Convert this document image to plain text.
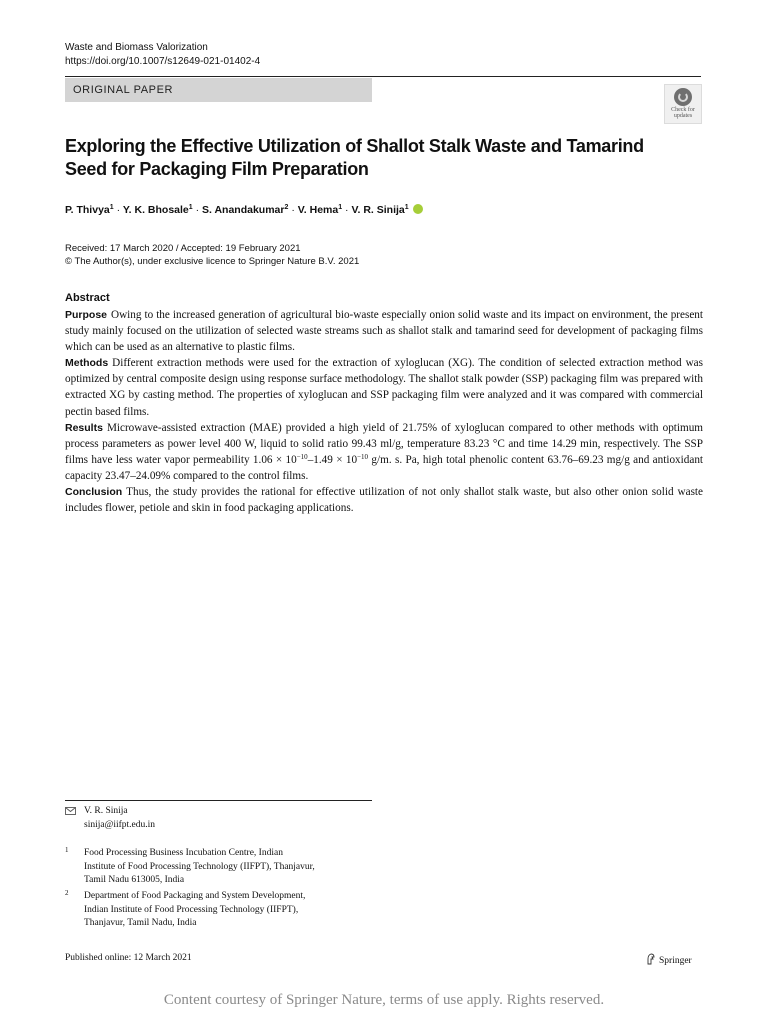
Waste and Biomass Valorization
https://doi.org/10.1007/s12649-021-01402-4
ORIGINAL PAPER
Check for
updates
Exploring the Effective Utilization of Shallot Stalk Waste and Tamarind Seed for Packaging Film Preparation
P. Thivya$^1$ · Y. K. Bhosale$^1$ · S. Anandakumar$^2$ · V. Hema$^1$ · V. R. Sinija$^1$
Received: 17 March 2020 / Accepted: 19 February 2021
© The Author(s), under exclusive licence to Springer Nature B.V. 2021
Abstract

Purpose Owing to the increased generation of agricultural bio-waste especially onion solid waste and its impact on environment, the present study mainly focused on the utilization of selected waste streams such as shallot stalk and tamarind seed for development of packaging films which can be used as an alternative to plastic films.

Methods Different extraction methods were used for the extraction of xyloglucan (XG). The condition of selected extraction method was optimized by central composite design using response surface methodology. The shallot stalk powder (SSP) packaging film was prepared with extracted XG by casting method. The properties of xyloglucan and SSP packaging film were analyzed and it was compared with commercial pectin based films.

Results Microwave-assisted extraction (MAE) provided a high yield of 21.75% of xyloglucan compared to other methods with optimum process parameters as power level 400 W, liquid to solid ratio 99.43 ml/g, temperature 83.23 °C and time 14.29 min, respectively. The SSP films have less water vapor permeability $1.06 \times 10^{-10}-1.49 \times 10^{-10}$ g/m. s. Pa, high total phenolic content 63.76–69.23 mg/g and antioxidant capacity 23.47–24.09% compared to the control films.

Conclusion Thus, the study provides the rational for effective utilization of not only shallot stalk waste, but also other onion solid waste includes flower, petiole and skin in food packaging applications.

V. R. Sinija
sinija@iifpt.edu.in
1 Food Processing Business Incubation Centre, Indian
Institute of Food Processing Technology (IIFPT), Thanjavur,
Tamil Nadu 613005, India
2 Department of Food Packaging and System Development,
Indian Institute of Food Processing Technology (IIFPT),
Thanjavur, Tamil Nadu, India
Published online: 12 March 2021	Springer
Content courtesy of Springer Nature, terms of use apply. Rights reserved.
